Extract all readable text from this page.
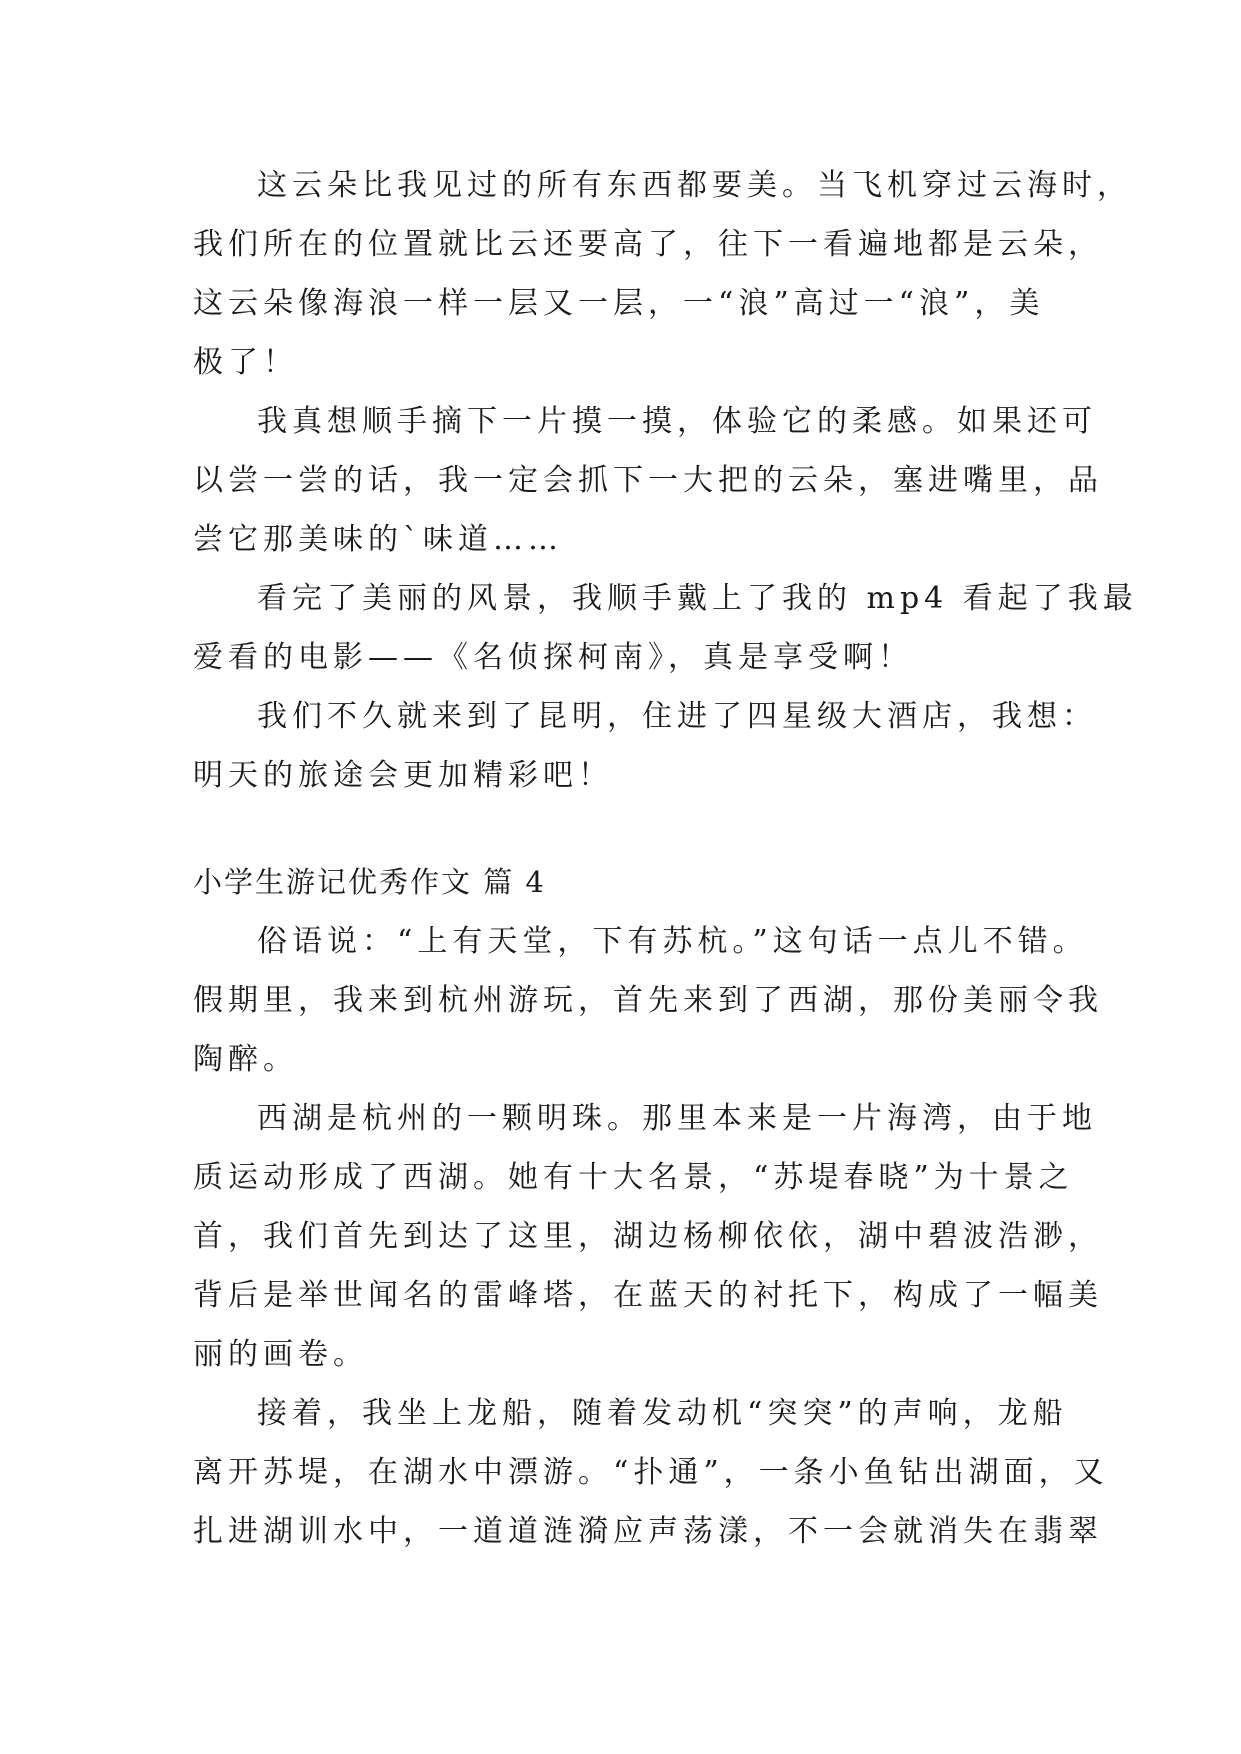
这云朵比我见过的所有东西都要美。当飞机穿过云海时，
我们所在的位置就比云还要高了，往下一看遍地都是云朵，
这云朵像海浪一样一层又一层，一“浪”高过一“浪”，美
极了！
我真想顺手摘下一片摸一摸，体验它的柔感。如果还可
以尝一尝的话，我一定会抓下一大把的云朵，塞进嘴里，品
尝它那美味的`味道……
看完了美丽的风景，我顺手戴上了我的 mp4 看起了我最
爱看的电影——《名侦探柯南》，真是享受啊！
我们不久就来到了昆明，住进了四星级大酒店，我想：
明天的旅途会更加精彩吧！
小学生游记优秀作文 篇 4
俗语说：“上有天堂，下有苏杭。”这句话一点儿不错。
假期里，我来到杭州游玩，首先来到了西湖，那份美丽令我
陶醉。
西湖是杭州的一颗明珠。那里本来是一片海湾，由于地
质运动形成了西湖。她有十大名景，“苏堤春晓”为十景之
首，我们首先到达了这里，湖边杨柳依依，湖中碧波浩渺，
背后是举世闻名的雷峰塔，在蓝天的衬托下，构成了一幅美
丽的画卷。
接着，我坐上龙船，随着发动机“突突”的声响，龙船
离开苏堤，在湖水中漂游。“扑通”，一条小鱼钻出湖面，又
扎进湖训水中，一道道涟漪应声荡漾，不一会就消失在翡翠
